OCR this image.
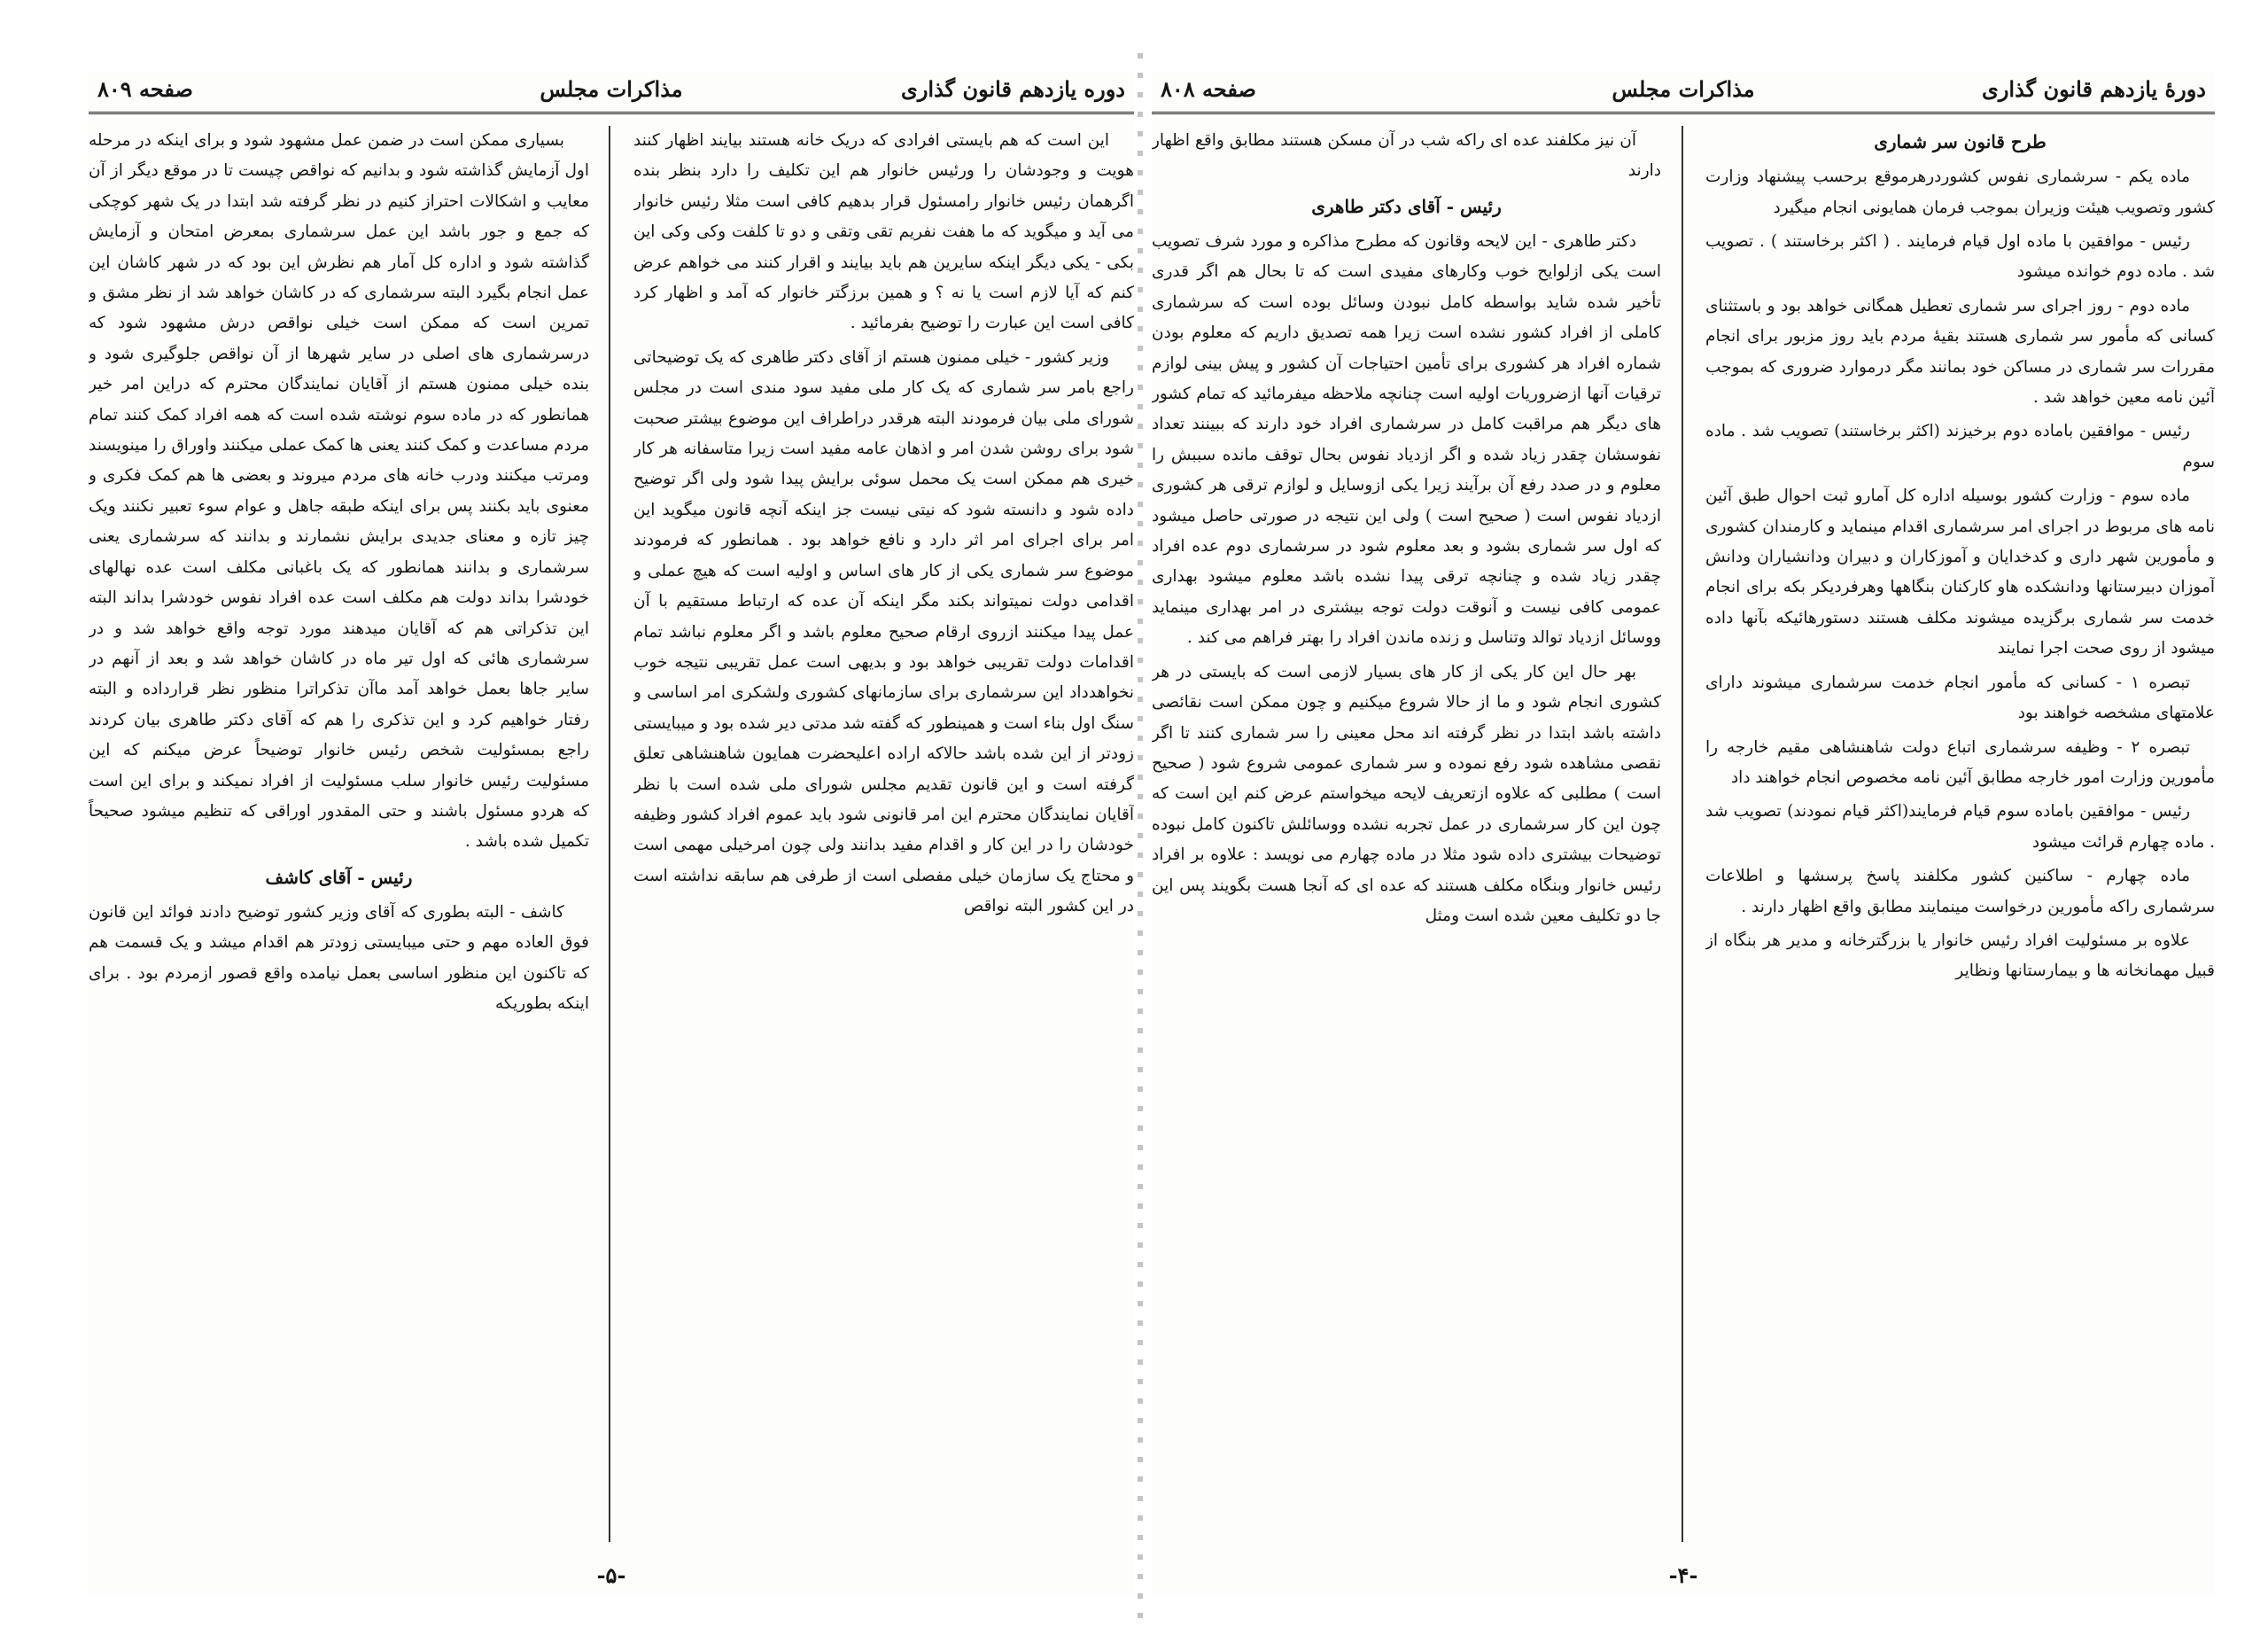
دوره یازدهم قانون گذاری
مذاکرات مجلس
صفحه ۸۰۹

این است که هم بایستی افرادی که دریک خانه هستند بیایند اظهار کنند هویت و وجودشان را ورئیس خانوار هم این تکلیف را دارد بنظر بنده اگرهمان رئیس خانوار رامسئول قرار بدهیم کافی است مثلا رئیس خانوار می آید و میگوید که ما هفت نفریم تقی وتقی و دو تا کلفت وکی وکی این بکی - یکی دیگر اینکه سایرین هم باید بیایند و اقرار کنند می خواهم عرض کنم که آیا لازم است یا نه ؟ و همین برزگتر خانوار که آمد و اظهار کرد کافی است این عبارت را توضیح بفرمائید .

وزیر کشور - خیلی ممنون هستم از آقای دکتر طاهری که یک توضیحاتی راجع بامر سر شماری که یک کار ملی مفید سود مندی است در مجلس شورای ملی بیان فرمودند البته هرقدر دراطراف این موضوع بیشتر صحبت شود برای روشن شدن امر و اذهان عامه مفید است زیرا متاسفانه هر کار خیری هم ممکن است یک محمل سوئی برایش پیدا شود ولی اگر توضیح داده شود و دانسته شود که نیتی نیست جز اینکه آنچه قانون میگوید این امر برای اجرای امر اثر دارد و نافع خواهد بود . همانطور که فرمودند موضوع سر شماری یکی از کار های اساس و اولیه است که هیچ عملی و اقدامی دولت نمیتواند بکند مگر اینکه آن عده که ارتباط مستقیم با آن عمل پیدا میکنند ازروی ارقام صحیح معلوم باشد و اگر معلوم نباشد تمام اقدامات دولت تقریبی خواهد بود و بدیهی است عمل تقریبی نتیجه خوب نخواهدداد این سرشماری برای سازمانهای کشوری ولشکری امر اساسی و سنگ اول بناء است و همینطور که گفته شد مدتی دیر شده بود و میبایستی زودتر از این شده باشد حالاکه اراده اعلیحضرت همایون شاهنشاهی تعلق گرفته است و این قانون تقدیم مجلس شورای ملی شده است با نظر آقایان نمایندگان محترم این امر قانونی شود باید عموم افراد کشور وظیفه خودشان را در این کار و اقدام مفید بدانند ولی چون امرخیلی مهمی است و محتاج یک سازمان خیلی مفصلی است از طرفی هم سابقه نداشته است در این کشور البته نواقص

بسیاری ممکن است در ضمن عمل مشهود شود و برای اینکه در مرحله اول آزمایش گذاشته شود و بدانیم که نواقص چیست تا در موقع دیگر از آن معایب و اشکالات احتراز کنیم در نظر گرفته شد ابتدا در یک شهر کوچکی که جمع و جور باشد این عمل سرشماری بمعرض امتحان و آزمایش گذاشته شود و اداره کل آمار هم نظرش این بود که در شهر کاشان این عمل انجام بگیرد البته سرشماری که در کاشان خواهد شد از نظر مشق و تمرین است که ممکن است خیلی نواقص درش مشهود شود که درسرشماری های اصلی در سایر شهرها از آن نواقص جلوگیری شود و بنده خیلی ممنون هستم از آقایان نمایندگان محترم که دراین امر خیر همانطور که در ماده سوم نوشته شده است که همه افراد کمک کنند تمام مردم مساعدت و کمک کنند یعنی ها کمک عملی میکنند واوراق را مینویسند ومرتب میکنند ودرب خانه های مردم میروند و بعضی ها هم کمک فکری و معنوی باید بکنند پس برای اینکه طبقه جاهل و عوام سوء تعبیر نکنند ویک چیز تازه و معنای جدیدی برایش نشمارند و بدانند که سرشماری یعنی سرشماری و بدانند همانطور که یک باغبانی مکلف است عده نهالهای خودشرا بداند دولت هم مکلف است عده افراد نفوس خودشرا بداند البته این تذکراتی هم که آقایان میدهند مورد توجه واقع خواهد شد و در سرشماری هائی که اول تیر ماه در کاشان خواهد شد و بعد از آنهم در سایر جاها بعمل خواهد آمد ماآن تذکراترا منظور نظر قرارداده و البته رفتار خواهیم کرد و این تذکری را هم که آقای دکتر طاهری بیان کردند راجع بمسئولیت شخص رئیس خانوار توضیحاً عرض میکنم که این مسئولیت رئیس خانوار سلب مسئولیت از افراد نمیکند و برای این است که هردو مسئول باشند و حتی المقدور اوراقی که تنظیم میشود صحیحاً تکمیل شده باشد .

رئیس - آقای کاشف

کاشف - البته بطوری که آقای وزیر کشور توضیح دادند فوائد این قانون فوق العاده مهم و حتی میبایستی زودتر هم اقدام میشد و یک قسمت هم که تاکنون این منظور اساسی بعمل نیامده واقع قصور ازمردم بود . برای اینکه بطوریکه

-۵-
دورهٔ یازدهم قانون گذاری
مذاکرات مجلس
صفحه ۸۰۸

طرح قانون سر شماری

ماده یکم - سرشماری نفوس کشوردرهرموقع برحسب پیشنهاد وزارت کشور وتصویب هیئت وزیران بموجب فرمان همایونی انجام میگیرد

رئیس - موافقین با ماده اول قیام فرمایند . ( اکثر برخاستند ) . تصویب شد . ماده دوم خوانده میشود

ماده دوم - روز اجرای سر شماری تعطیل همگانی خواهد بود و باستثنای کسانی که مأمور سر شماری هستند بقیهٔ مردم باید روز مزبور برای انجام مقررات سر شماری در مساکن خود بمانند مگر درموارد ضروری که بموجب آئین نامه معین خواهد شد .

رئیس - موافقین باماده دوم برخیزند (اکثر برخاستند) تصویب شد . ماده سوم

ماده سوم - وزارت کشور بوسیله اداره کل آمارو ثبت احوال طبق آئین نامه های مربوط در اجرای امر سرشماری اقدام مینماید و کارمندان کشوری و مأمورین شهر داری و کدخدایان و آموزکاران و دبیران ودانشیاران ودانش آموزان دبیرستانها ودانشکده هاو کارکنان بنگاهها وهرفردیکر بکه برای انجام خدمت سر شماری برگزیده میشوند مکلف هستند دستورهائیکه بآنها داده میشود از روی صحت اجرا نمایند

تبصره ۱ - کسانی که مأمور انجام خدمت سرشماری میشوند دارای علامتهای مشخصه خواهند بود

تبصره ۲ - وظیفه سرشماری اتباع دولت شاهنشاهی مقیم خارجه را مأمورین وزارت امور خارجه مطابق آئین نامه مخصوص انجام خواهند داد

رئیس - موافقین باماده سوم قیام فرمایند(اکثر قیام نمودند) تصویب شد . ماده چهارم قرائت میشود

ماده چهارم - ساکنین کشور مکلفند پاسخ پرسشها و اطلاعات سرشماری راکه مأمورین درخواست مینمایند مطابق واقع اظهار دارند .

علاوه بر مسئولیت افراد رئیس خانوار یا بزرگترخانه و مدیر هر بنگاه از قبیل مهمانخانه ها و بیمارستانها ونظایر

آن نیز مکلفند عده ای راکه شب در آن مسکن هستند مطابق واقع اظهار دارند

رئیس - آقای دکتر طاهری

دکتر طاهری - این لایحه وقانون که مطرح مذاکره و مورد شرف تصویب است یکی ازلوایح خوب وکارهای مفیدی است که تا بحال هم اگر قدری تأخیر شده شاید بواسطه کامل نبودن وسائل بوده است که سرشماری کاملی از افراد کشور نشده است زیرا همه تصدیق داریم که معلوم بودن شماره افراد هر کشوری برای تأمین احتیاجات آن کشور و پیش بینی لوازم ترقیات آنها ازضروریات اولیه است چنانچه ملاحظه میفرمائید که تمام کشور های دیگر هم مراقبت کامل در سرشماری افراد خود دارند که ببینند تعداد نفوسشان چقدر زیاد شده و اگر ازدیاد نفوس بحال توقف مانده سببش را معلوم و در صدد رفع آن برآیند زیرا یکی ازوسایل و لوازم ترقی هر کشوری ازدیاد نفوس است ( صحیح است ) ولی این نتیجه در صورتی حاصل میشود که اول سر شماری بشود و بعد معلوم شود در سرشماری دوم عده افراد چقدر زیاد شده و چنانچه ترقی پیدا نشده باشد معلوم میشود بهداری عمومی کافی نیست و آنوقت دولت توجه بیشتری در امر بهداری مینماید ووسائل ازدیاد توالد وتناسل و زنده ماندن افراد را بهتر فراهم می کند .

بهر حال این کار یکی از کار های بسیار لازمی است که بایستی در هر کشوری انجام شود و ما از حالا شروع میکنیم و چون ممکن است نقائصی داشته باشد ابتدا در نظر گرفته اند محل معینی را سر شماری کنند تا اگر نقصی مشاهده شود رفع نموده و سر شماری عمومی شروع شود ( صحیح است ) مطلبی که علاوه ازتعریف لایحه میخواستم عرض کنم این است که چون این کار سرشماری در عمل تجربه نشده ووسائلش تاکنون کامل نبوده توضیحات بیشتری داده شود مثلا در ماده چهارم می نویسد : علاوه بر افراد رئیس خانوار وبنگاه مکلف هستند که عده ای که آنجا هست بگویند پس این جا دو تکلیف معین شده است ومثل

-۴-
